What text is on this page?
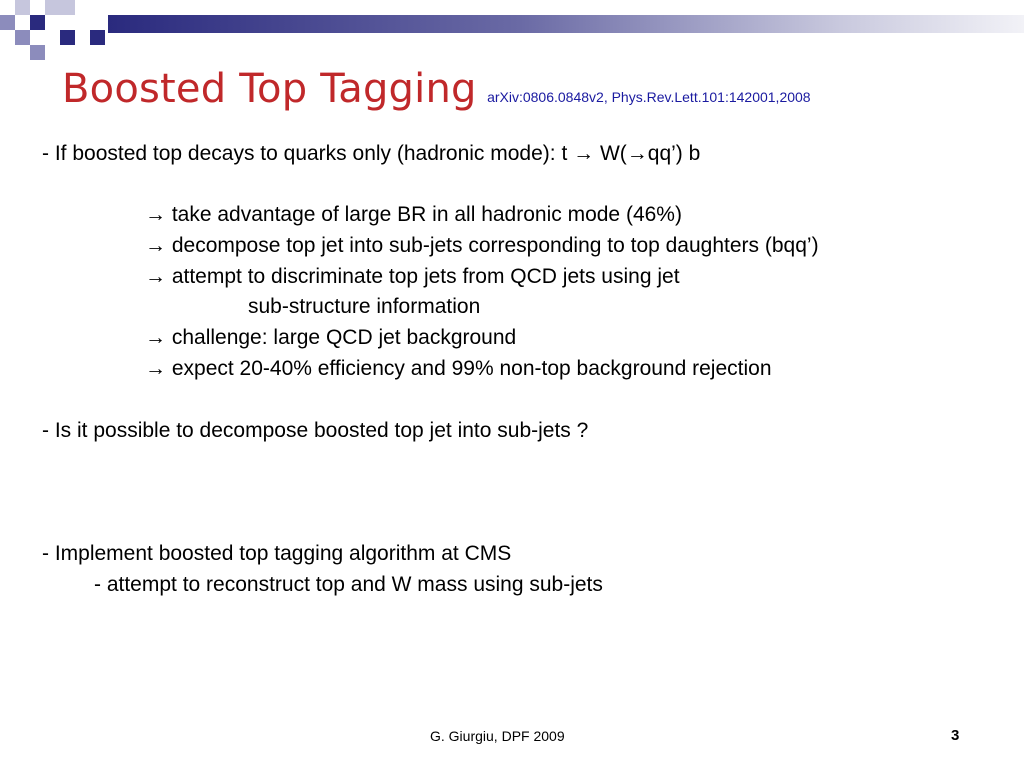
Boosted Top Tagging arXiv:0806.0848v2, Phys.Rev.Lett.101:142001,2008
- If boosted top decays to quarks only (hadronic mode): t → W(→qq’) b
→ take advantage of large BR in all hadronic mode (46%)
→ decompose top jet into sub-jets corresponding to top daughters (bqq’)
→ attempt to discriminate top jets from QCD jets using jet
sub-structure information
→ challenge: large QCD jet background
→ expect 20-40% efficiency and 99% non-top background rejection
- Is it possible to decompose boosted top jet into sub-jets ?
- Implement boosted top tagging algorithm at CMS
- attempt to reconstruct top and W mass using sub-jets
G. Giurgiu, DPF 2009	3
